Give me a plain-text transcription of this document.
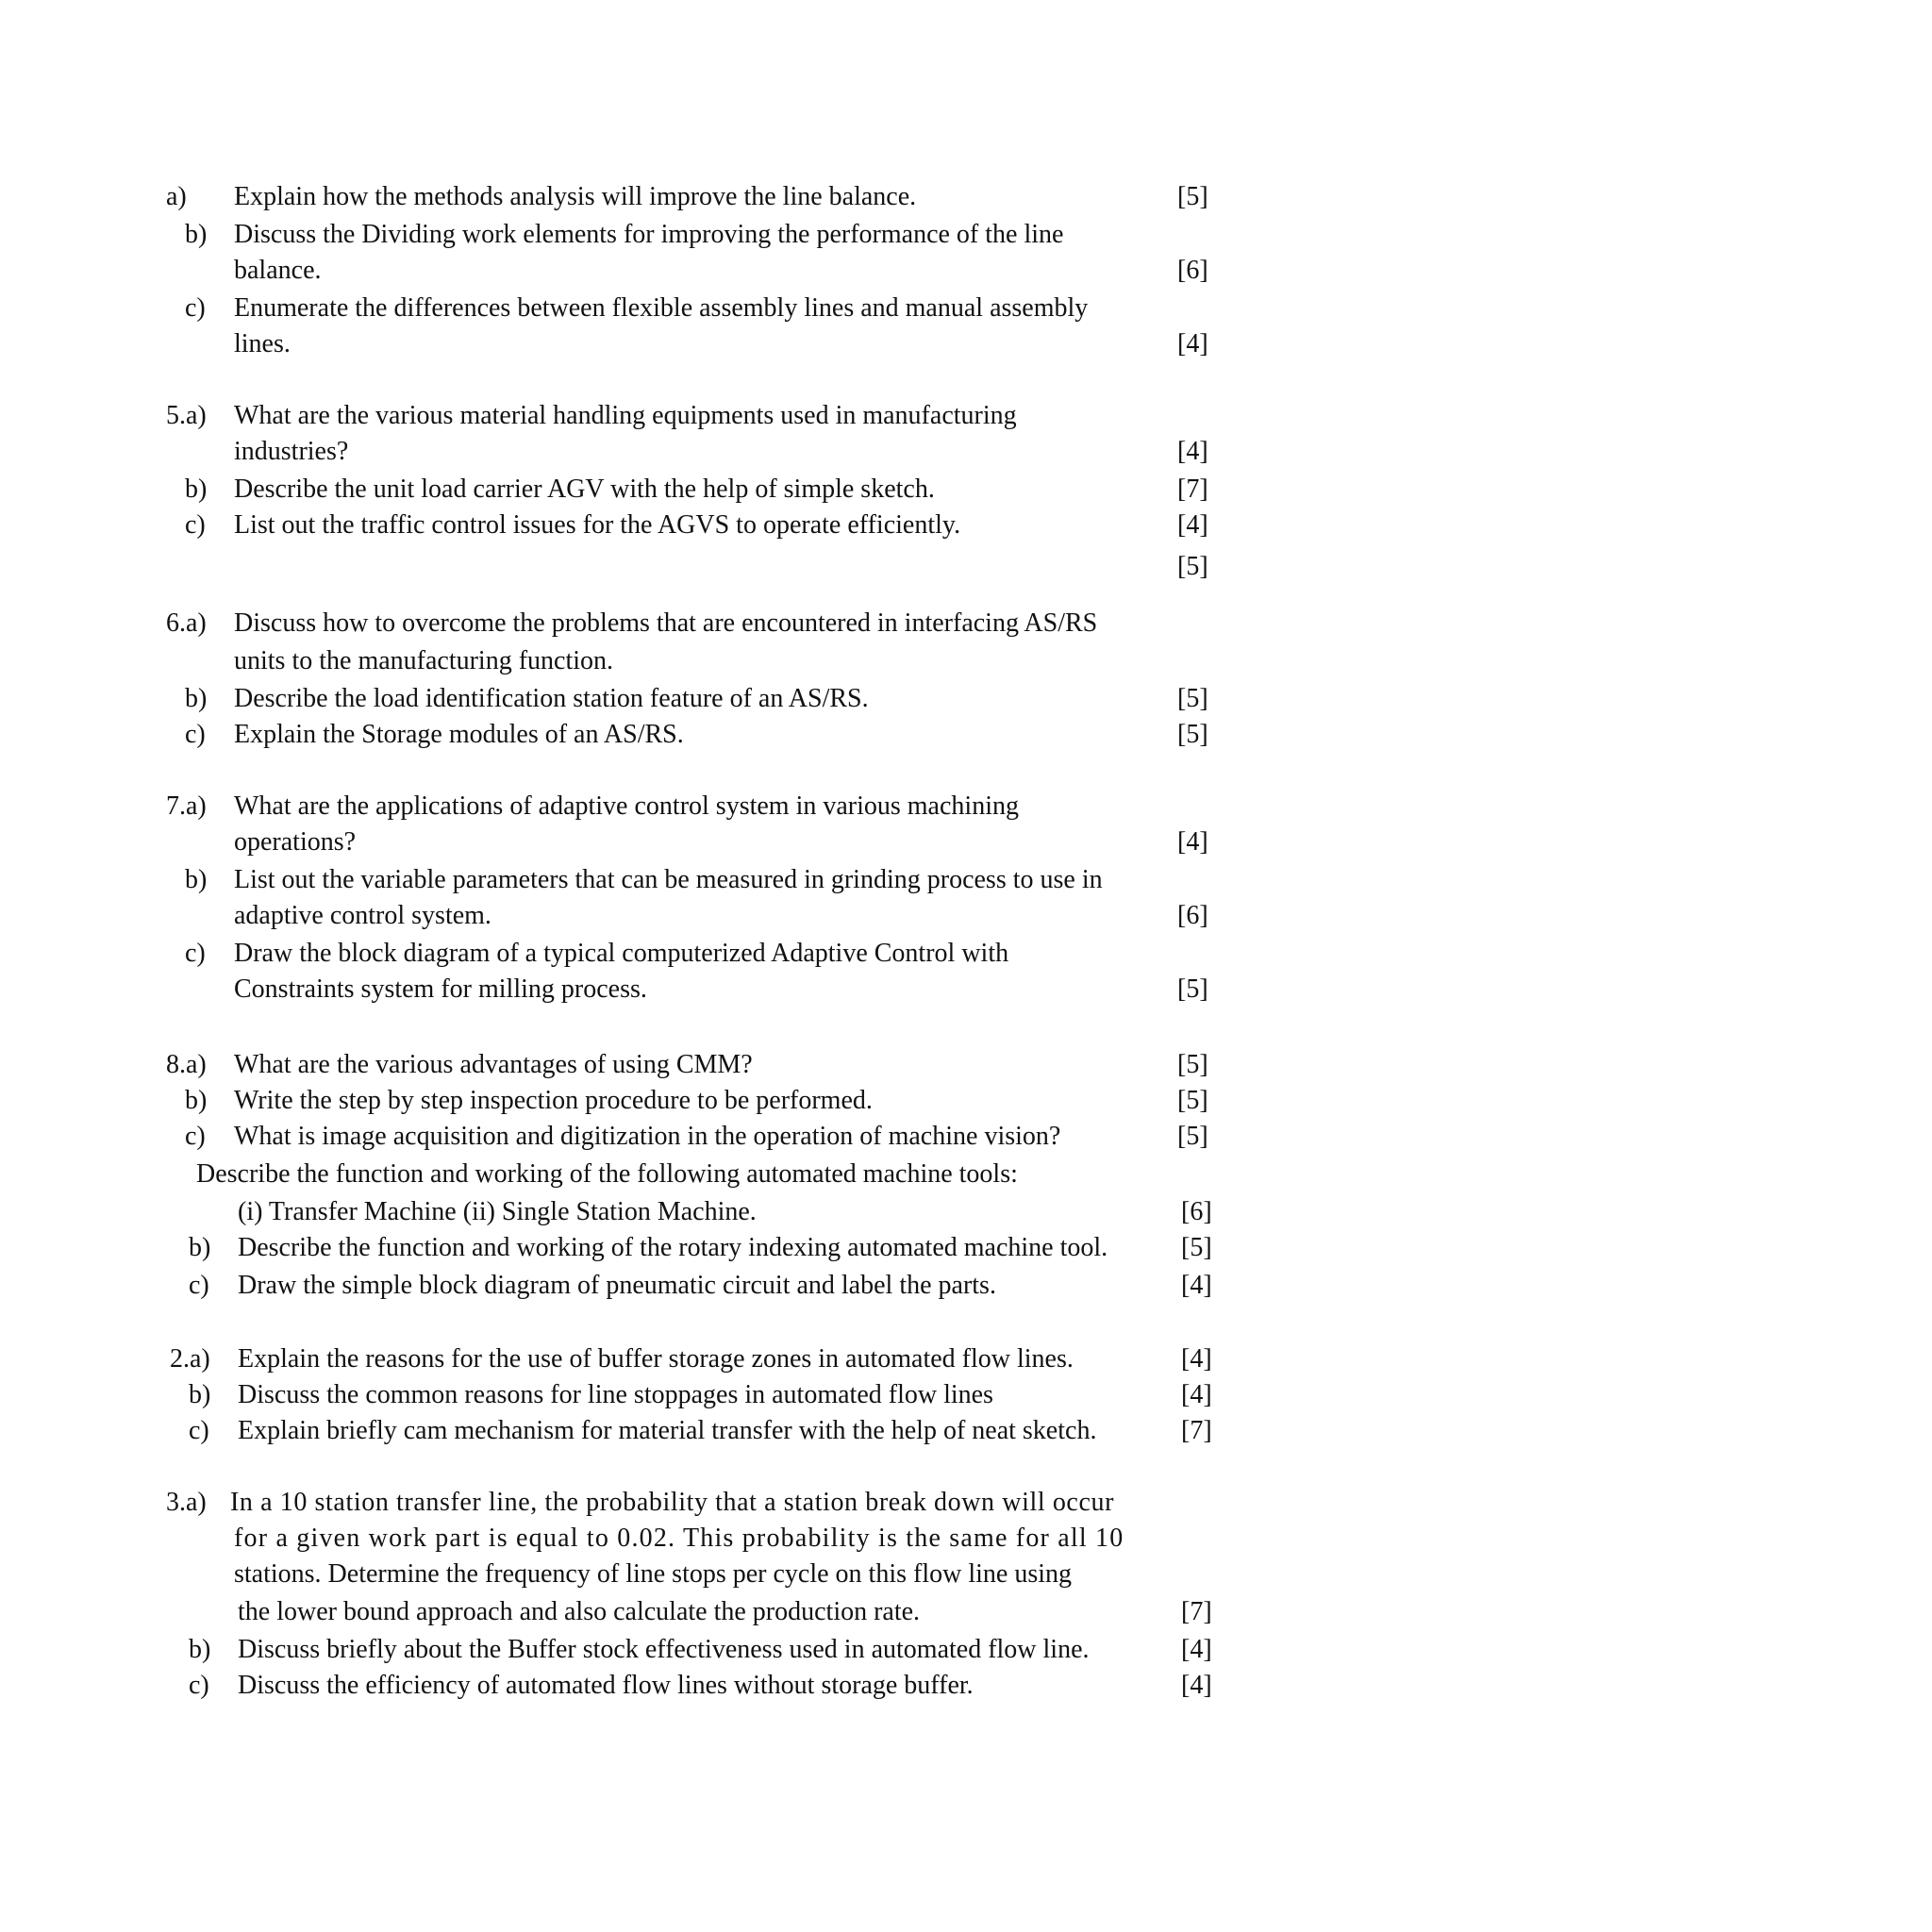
a) Explain how the methods analysis will improve the line balance.	[5]
b) Discuss the Dividing work elements for improving the performance of the line
balance.	[6]
c) Enumerate the differences between flexible assembly lines and manual assembly
lines.	[4]
5.a) What are the various material handling equipments used in manufacturing
industries?	[4]
b) Describe the unit load carrier AGV with the help of simple sketch.	[7]
c) List out the traffic control issues for the AGVS to operate efficiently.	[4]
[5]
6.a) Discuss how to overcome the problems that are encountered in interfacing AS/RS
units to the manufacturing function.
b) Describe the load identification station feature of an AS/RS.	[5]
c) Explain the Storage modules of an AS/RS.	[5]
7.a) What are the applications of adaptive control system in various machining
operations?	[4]
b) List out the variable parameters that can be measured in grinding process to use in
adaptive control system.	[6]
c) Draw the block diagram of a typical computerized Adaptive Control with
Constraints system for milling process.	[5]
8.a) What are the various advantages of using CMM?	[5]
b) Write the step by step inspection procedure to be performed.	[5]
c) What is image acquisition and digitization in the operation of machine vision?	[5]
Describe the function and working of the following automated machine tools:
(i) Transfer Machine (ii) Single Station Machine.	[6]
b) Describe the function and working of the rotary indexing automated machine tool.	[5]
c) Draw the simple block diagram of pneumatic circuit and label the parts.	[4]
2.a) Explain the reasons for the use of buffer storage zones in automated flow lines.	[4]
b) Discuss the common reasons for line stoppages in automated flow lines	[4]
c) Explain briefly cam mechanism for material transfer with the help of neat sketch.	[7]
3.a) In a 10 station transfer line, the probability that a station break down will occur
for a given work part is equal to 0.02. This probability is the same for all 10
stations. Determine the frequency of line stops per cycle on this flow line using
the lower bound approach and also calculate the production rate.	[7]
b) Discuss briefly about the Buffer stock effectiveness used in automated flow line.	[4]
c) Discuss the efficiency of automated flow lines without storage buffer.	[4]
